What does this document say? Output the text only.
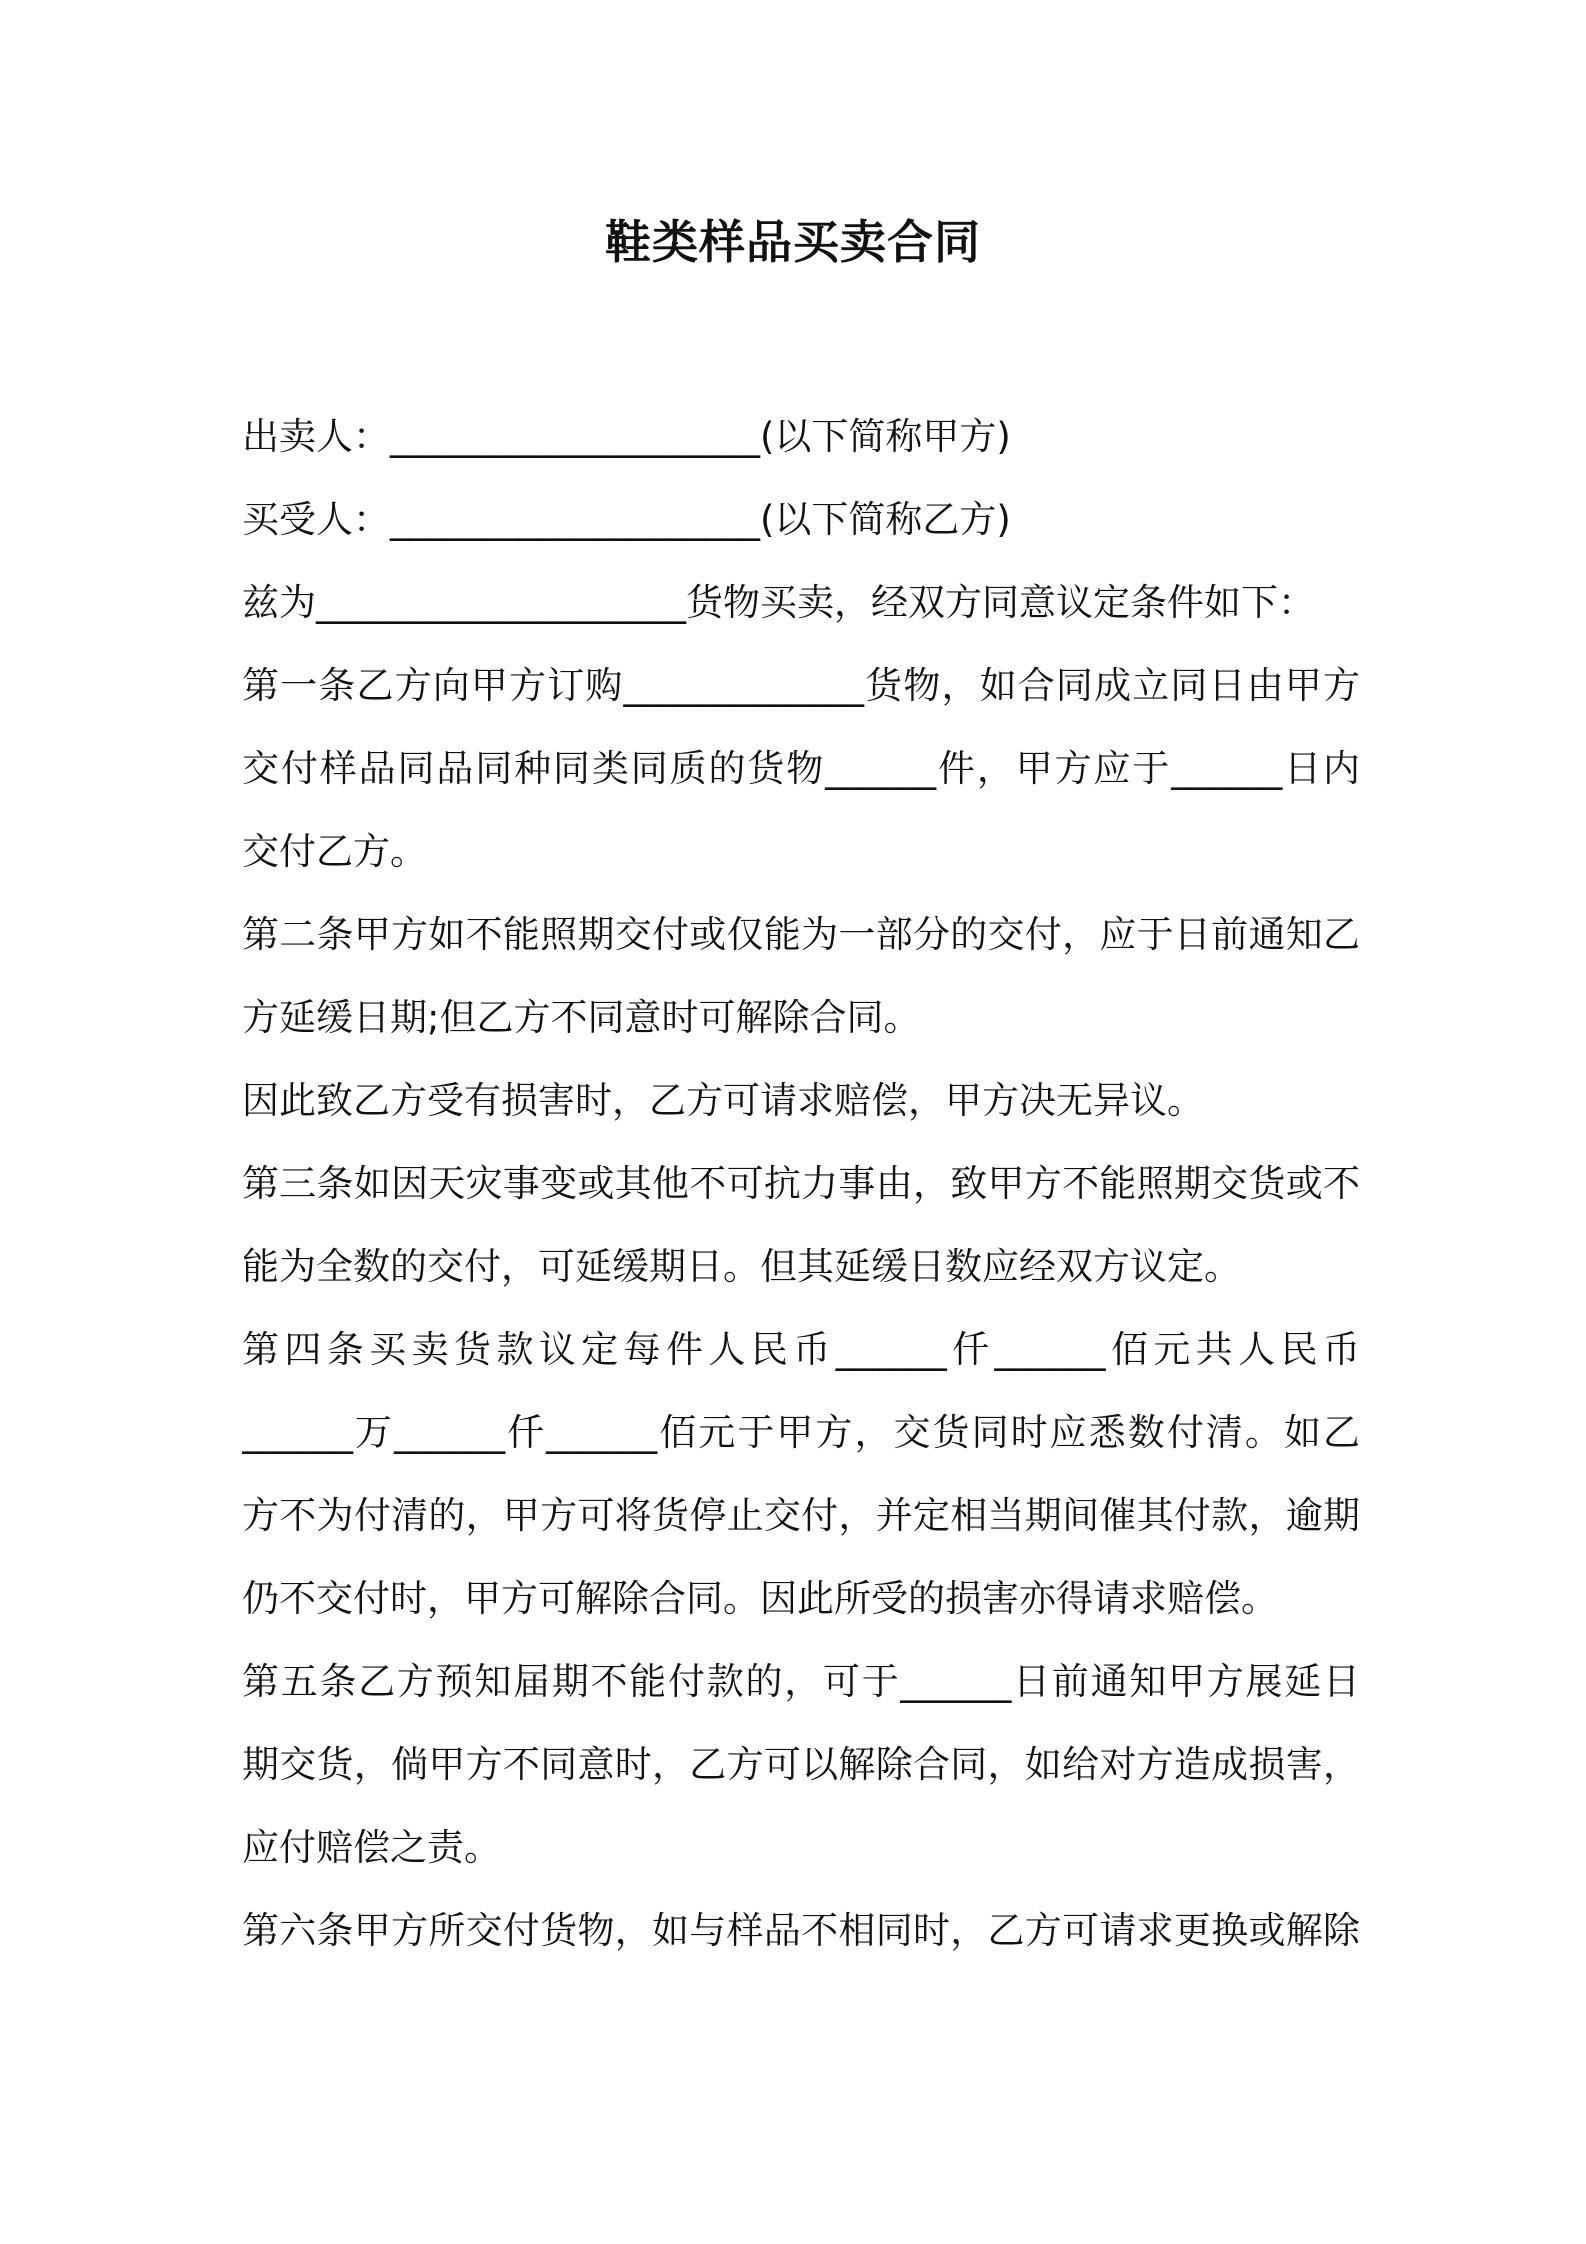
鞋类样品买卖合同
出卖人：____________________(以下简称甲方)
买受人：____________________(以下简称乙方)
兹为____________________货物买卖，经双方同意议定条件如下：
第一条乙方向甲方订购_____________货物，如合同成立同日由甲方
交付样品同品同种同类同质的货物______件，甲方应于______日内
交付乙方。
第二条甲方如不能照期交付或仅能为一部分的交付，应于日前通知乙
方延缓日期;但乙方不同意时可解除合同。
因此致乙方受有损害时，乙方可请求赔偿，甲方决无异议。
第三条如因天灾事变或其他不可抗力事由，致甲方不能照期交货或不
能为全数的交付，可延缓期日。但其延缓日数应经双方议定。
第四条买卖货款议定每件人民币______仟______佰元共人民币
______万______仟______佰元于甲方，交货同时应悉数付清。如乙
方不为付清的，甲方可将货停止交付，并定相当期间催其付款，逾期
仍不交付时，甲方可解除合同。因此所受的损害亦得请求赔偿。
第五条乙方预知届期不能付款的，可于______日前通知甲方展延日
期交货，倘甲方不同意时，乙方可以解除合同，如给对方造成损害，
应付赔偿之责。
第六条甲方所交付货物，如与样品不相同时，乙方可请求更换或解除
